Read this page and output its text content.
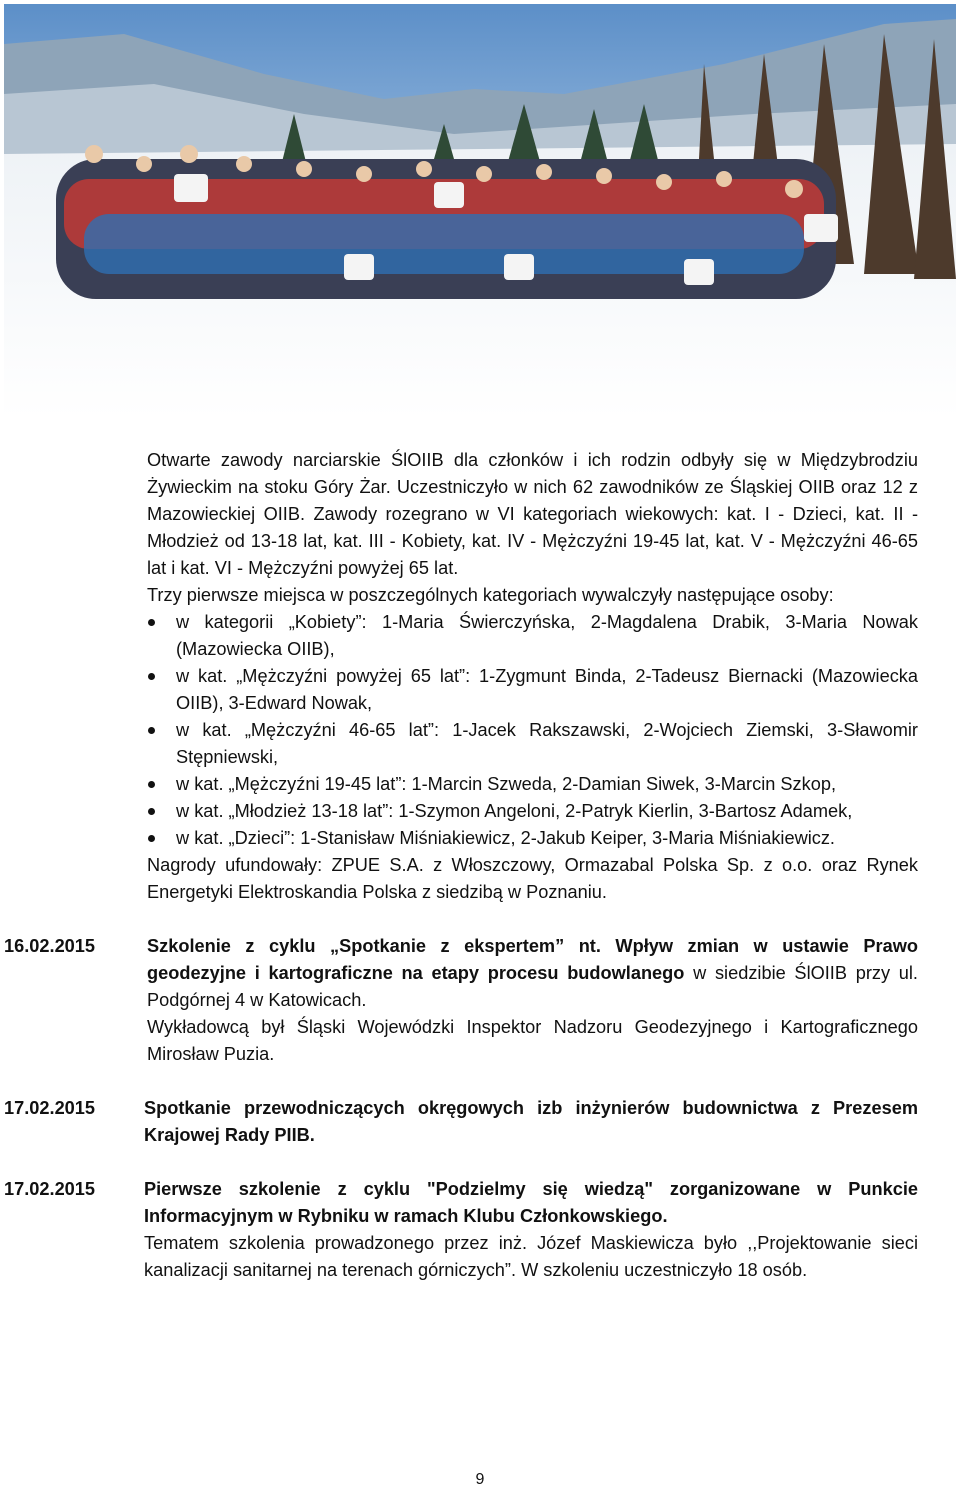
Otwarte zawody narciarskie ŚlOIIB dla członków i ich rodzin odbyły się w Międzybrodziu Żywieckim na stoku Góry Żar. Uczestniczyło w nich 62 zawodników ze Śląskiej OIIB oraz 12 z Mazowieckiej OIIB. Zawody rozegrano w VI kategoriach wiekowych: kat. I - Dzieci, kat. II - Młodzież od 13-18 lat, kat. III - Kobiety, kat. IV - Mężczyźni 19-45 lat, kat. V - Mężczyźni 46-65 lat i kat. VI - Mężczyźni powyżej 65 lat.

Trzy pierwsze miejsca w poszczególnych kategoriach wywalczyły następujące osoby:

w kategorii „Kobiety”: 1-Maria Świerczyńska, 2-Magdalena Drabik, 3-Maria Nowak (Mazowiecka OIIB),
w kat. „Mężczyźni powyżej 65 lat”: 1-Zygmunt Binda, 2-Tadeusz Biernacki (Mazowiecka OIIB), 3-Edward Nowak,
w kat. „Mężczyźni 46-65 lat”: 1-Jacek Rakszawski, 2-Wojciech Ziemski, 3-Sławomir Stępniewski,
w kat. „Mężczyźni 19-45 lat”: 1-Marcin Szweda, 2-Damian Siwek, 3-Marcin Szkop,
w kat. „Młodzież 13-18 lat”: 1-Szymon Angeloni, 2-Patryk Kierlin, 3-Bartosz Adamek,
w kat. „Dzieci”: 1-Stanisław Miśniakiewicz, 2-Jakub Keiper, 3-Maria Miśniakiewicz.

Nagrody ufundowały: ZPUE S.A. z Włoszczowy, Ormazabal Polska Sp. z o.o. oraz Rynek Energetyki Elektroskandia Polska z siedzibą w Poznaniu.

16.02.2015	Szkolenie z cyklu „Spotkanie z ekspertem” nt. Wpływ zmian w ustawie Prawo geodezyjne i kartograficzne na etapy procesu budowlanego w siedzibie ŚlOIIB przy ul. Podgórnej 4 w Katowicach.

Wykładowcą był Śląski Wojewódzki Inspektor Nadzoru Geodezyjnego i Kartograficznego Mirosław Puzia.

17.02.2015	Spotkanie przewodniczących okręgowych izb inżynierów budownictwa z Prezesem Krajowej Rady PIIB.

17.02.2015	Pierwsze szkolenie z cyklu "Podzielmy się wiedzą" zorganizowane w Punkcie Informacyjnym w Rybniku w ramach Klubu Członkowskiego.

Tematem szkolenia prowadzonego przez inż. Józef Maskiewicza było ,,Projektowanie sieci kanalizacji sanitarnej na terenach górniczych”. W szkoleniu uczestniczyło 18 osób.

9
